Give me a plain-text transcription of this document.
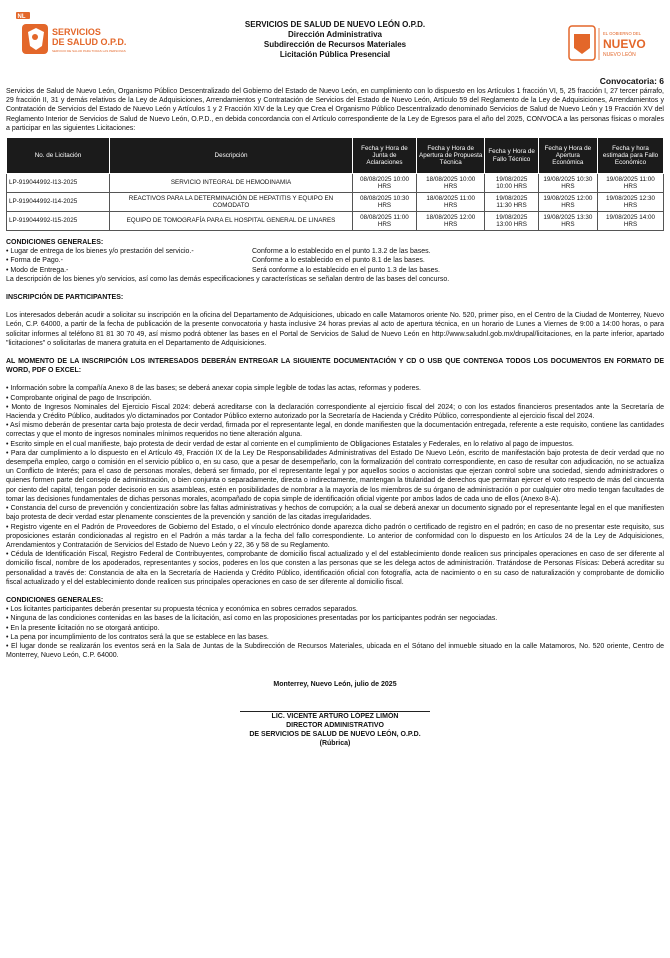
NL
SERVICIOS
DE SALUD O.P.D.
SERVICIO DE SALUD PARA TODAS LAS PERSONAS
SERVICIOS DE SALUD DE NUEVO LEÓN O.P.D.
Dirección Administrativa
Subdirección de Recursos Materiales
Licitación Pública Presencial
EL GOBIERNO DEL
NUEVO
NUEVO LEÓN
Convocatoria: 6
Servicios de Salud de Nuevo León, Organismo Público Descentralizado del Gobierno del Estado de Nuevo León, en cumplimiento con lo dispuesto en los Artículos 1 fracción VI, 5, 25 fracción I, 27 tercer párrafo, 29 fracción II, 31 y demás relativos de la Ley de Adquisiciones, Arrendamientos y Contratación de Servicios del Estado de Nuevo León, Artículo 59 del Reglamento de la Ley de Adquisiciones, Arrendamientos y Contratación de Servicios del Estado de Nuevo León y Artículos 1 y 2 Fracción XIV de la Ley que Crea el Organismo Público Descentralizado denominado Servicios de Salud de Nuevo León y 19 Fracción XV del Reglamento Interior de Servicios de Salud de Nuevo León, O.P.D., en debida concordancia con el Artículo correspondiente de la Ley de Egresos para el año del 2025, CONVOCA a las personas físicas o morales a participar en las siguientes Licitaciones:
No. de Licitación	Descripción	Fecha y Hora de Junta de Aclaraciones	Fecha y Hora de Apertura de Propuesta Técnica	Fecha y Hora de Fallo Técnico	Fecha y Hora de Apertura Económica	Fecha y hora estimada para Fallo Económico
LP-919044992-I13-2025	SERVICIO INTEGRAL DE HEMODINAMIA	08/08/2025 10:00 HRS	18/08/2025 10:00 HRS	19/08/2025 10:00 HRS	19/08/2025 10:30 HRS	19/08/2025 11:00 HRS
LP-919044992-I14-2025	REACTIVOS PARA LA DETERMINACIÓN DE HEPATITIS Y EQUIPO EN COMODATO	08/08/2025 10:30 HRS	18/08/2025 11:00 HRS	19/08/2025 11:30 HRS	19/08/2025 12:00 HRS	19/08/2025 12:30 HRS
LP-919044992-I15-2025	EQUIPO DE TOMOGRAFÍA PARA EL HOSPITAL GENERAL DE LINARES	08/08/2025 11:00 HRS	18/08/2025 12:00 HRS	19/08/2025 13:00 HRS	19/08/2025 13:30 HRS	19/08/2025 14:00 HRS
CONDICIONES GENERALES:
• Lugar de entrega de los bienes y/o prestación del servicio.-	Conforme a lo establecido en el punto 1.3.2 de las bases.
• Forma de Pago.-	Conforme a lo establecido en el punto 8.1 de las bases.
• Modo de Entrega.-	Será conforme a lo establecido en el punto 1.3 de las bases.
La descripción de los bienes y/o servicios, así como las demás especificaciones y características se señalan dentro de las bases del concurso.
INSCRIPCIÓN DE PARTICIPANTES:
Los interesados deberán acudir a solicitar su inscripción en la oficina del Departamento de Adquisiciones, ubicado en calle Matamoros oriente No. 520, primer piso, en el Centro de la Ciudad de Monterrey, Nuevo León, C.P. 64000, a partir de la fecha de publicación de la presente convocatoria y hasta inclusive 24 horas previas al acto de apertura técnica, en un horario de Lunes a Viernes de 9:00 a 14:00 horas, o para solicitar informes al teléfono 81 81 30 70 49, así mismo podrá obtener las bases en el Portal de Servicios de Salud de Nuevo León en http://www.saludnl.gob.mx/drupal/licitaciones, en la parte inferior, apartado "licitaciones" o solicitarlas de manera gratuita en el Departamento de Adquisiciones.
AL MOMENTO DE LA INSCRIPCIÓN LOS INTERESADOS DEBERÁN ENTREGAR LA SIGUIENTE DOCUMENTACIÓN Y CD O USB QUE CONTENGA TODOS LOS DOCUMENTOS EN FORMATO DE WORD, PDF O EXCEL:
• Información sobre la compañía Anexo 8 de las bases; se deberá anexar copia simple legible de todas las actas, reformas y poderes.
• Comprobante original de pago de Inscripción.
• Monto de Ingresos Nominales del Ejercicio Fiscal 2024: deberá acreditarse con la declaración correspondiente al ejercicio fiscal del 2024; o con los estados financieros presentados ante la Secretaría de Hacienda y Crédito Público, auditados y/o dictaminados por Contador Público externo autorizado por la Secretaría de Hacienda y Crédito Público, correspondiente al ejercicio fiscal del 2024.
• Así mismo deberán de presentar carta bajo protesta de decir verdad, firmada por el representante legal, en donde manifiesten que la documentación entregada, referente a este requisito, contiene las cantidades correctas y que el monto de ingresos nominales mínimos requeridos no tiene alteración alguna.
• Escrito simple en el cual manifieste, bajo protesta de decir verdad de estar al corriente en el cumplimiento de Obligaciones Estatales y Federales, en lo relativo al pago de impuestos.
• Para dar cumplimiento a lo dispuesto en el Artículo 49, Fracción IX de la Ley De Responsabilidades Administrativas del Estado De Nuevo León, escrito de manifestación bajo protesta de decir verdad que no desempeña empleo, cargo o comisión en el servicio público o, en su caso, que a pesar de desempeñarlo, con la formalización del contrato correspondiente, en caso de resultar con adjudicación, no se actualiza un Conflicto de Interés; para el caso de personas morales, deberá ser firmado, por el representante legal y por aquellos socios o accionistas que ejerzan control sobre una sociedad, siendo administradores o quienes formen parte del consejo de administración, o bien conjunta o separadamente, directa o indirectamente, mantengan la titularidad de derechos que permitan ejercer el voto respecto de más del cincuenta por ciento del capital, tengan poder decisorio en sus asambleas, estén en posibilidades de nombrar a la mayoría de los miembros de su órgano de administración o por cualquier otro medio tengan facultades de tomar las decisiones fundamentales de dichas personas morales, acompañado de copia simple de identificación oficial vigente por ambos lados de cada uno de ellos (Anexo 8-A).
• Constancia del curso de prevención y concientización sobre las faltas administrativas y hechos de corrupción; a la cual se deberá anexar un documento signado por el representante legal en el que manifiesten bajo protesta de decir verdad estar plenamente conscientes de la prevención y sanción de las citadas irregularidades.
• Registro vigente en el Padrón de Proveedores de Gobierno del Estado, o el vínculo electrónico donde aparezca dicho padrón o certificado de registro en el padrón; en caso de no presentar este requisito, sus proposiciones estarán condicionadas al registro en el Padrón a más tardar a la fecha del fallo correspondiente. Lo anterior de conformidad con lo dispuesto en los Artículos 24 de la Ley de Adquisiciones, Arrendamientos y Contratación de Servicios del Estado de Nuevo León y 22, 36 y 58 de su Reglamento.
• Cédula de Identificación Fiscal, Registro Federal de Contribuyentes, comprobante de domicilio fiscal actualizado y el del establecimiento donde realicen sus principales operaciones en caso de ser diferente al domicilio fiscal, nombre de los apoderados, representantes y socios, poderes en los que consten a las personas que se les delega actos de administración. Tratándose de Personas Físicas: Deberá acreditar su personalidad a través de: Constancia de alta en la Secretaría de Hacienda y Crédito Público, identificación oficial con fotografía, acta de nacimiento o en su caso de naturalización y comprobante de domicilio fiscal actualizado y el del establecimiento donde realicen sus principales operaciones en caso de ser diferente al domicilio fiscal.
CONDICIONES GENERALES:
• Los licitantes participantes deberán presentar su propuesta técnica y económica en sobres cerrados separados.
• Ninguna de las condiciones contenidas en las bases de la licitación, así como en las proposiciones presentadas por los participantes podrán ser negociadas.
• En la presente licitación no se otorgará anticipo.
• La pena por incumplimiento de los contratos será la que se establece en las bases.
• El lugar donde se realizarán los eventos será en la Sala de Juntas de la Subdirección de Recursos Materiales, ubicada en el Sótano del inmueble situado en la calle Matamoros, No. 520 oriente, Centro de Monterrey, Nuevo León, C.P. 64000.
Monterrey, Nuevo León, julio de 2025
LIC. VICENTE ARTURO LÓPEZ LIMÓN
DIRECTOR ADMINISTRATIVO
DE SERVICIOS DE SALUD DE NUEVO LEÓN, O.P.D.
(Rúbrica)
